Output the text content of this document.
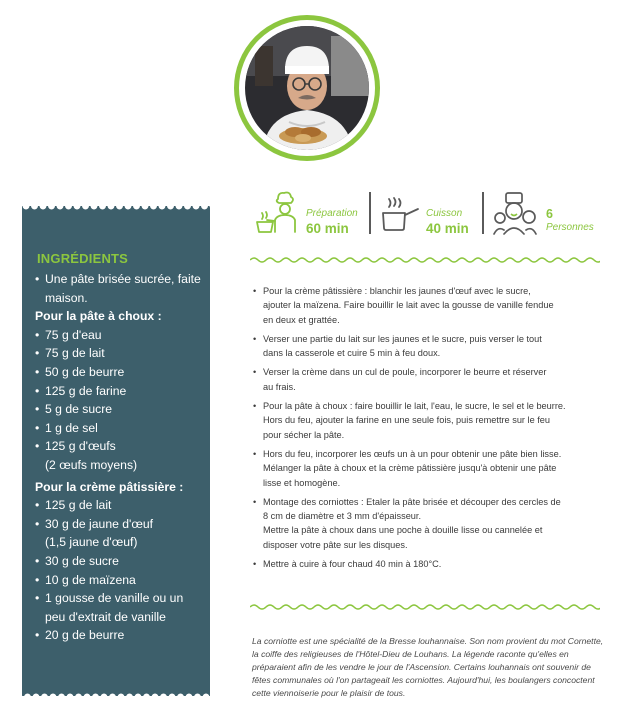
INGRÉDIENTS
• Une pâte brisée sucrée, faite maison.
Pour la pâte à choux :
• 75 g d'eau
• 75 g de lait
• 50 g de beurre
• 125 g de farine
• 5 g de sucre
• 1 g de sel
• 125 g d'œufs
(2 œufs moyens)
Pour la crème pâtissière :
• 125 g de lait
• 30 g de jaune d'œuf
(1,5 jaune d'œuf)
• 30 g de sucre
• 10 g de maïzena
• 1 gousse de vanille ou un peu d'extrait de vanille
• 20 g de beurre
Préparation
60 min
Cuisson
40 min
6
Personnes
• Pour la crème pâtissière : blanchir les jaunes d'œuf avec le sucre,
ajouter la maïzena. Faire bouillir le lait avec la gousse de vanille fendue
en deux et grattée.
• Verser une partie du lait sur les jaunes et le sucre, puis verser le tout
dans la casserole et cuire 5 min à feu doux.
• Verser la crème dans un cul de poule, incorporer le beurre et réserver
au frais.
• Pour la pâte à choux : faire bouillir le lait, l'eau, le sucre, le sel et le beurre.
Hors du feu, ajouter la farine en une seule fois, puis remettre sur le feu
pour sécher la pâte.
• Hors du feu, incorporer les œufs un à un pour obtenir une pâte bien lisse.
Mélanger la pâte à choux et la crème pâtissière jusqu'à obtenir une pâte
lisse et homogène.
• Montage des corniottes : Etaler la pâte brisée et découper des cercles de
8 cm de diamètre et 3 mm d'épaisseur.
Mettre la pâte à choux dans une poche à douille lisse ou cannelée et
disposer votre pâte sur les disques.
• Mettre à cuire à four chaud 40 min à 180°C.

La corniotte est une spécialité de la Bresse louhannaise. Son nom provient du mot Cornette, la coiffe des religieuses de l'Hôtel-Dieu de Louhans. La légende raconte qu'elles en préparaient afin de les vendre le jour de l'Ascension. Certains louhannais ont souvenir de fêtes communales où l'on partageait les corniottes. Aujourd'hui, les boulangers concoctent cette viennoiserie pour le plaisir de tous.
